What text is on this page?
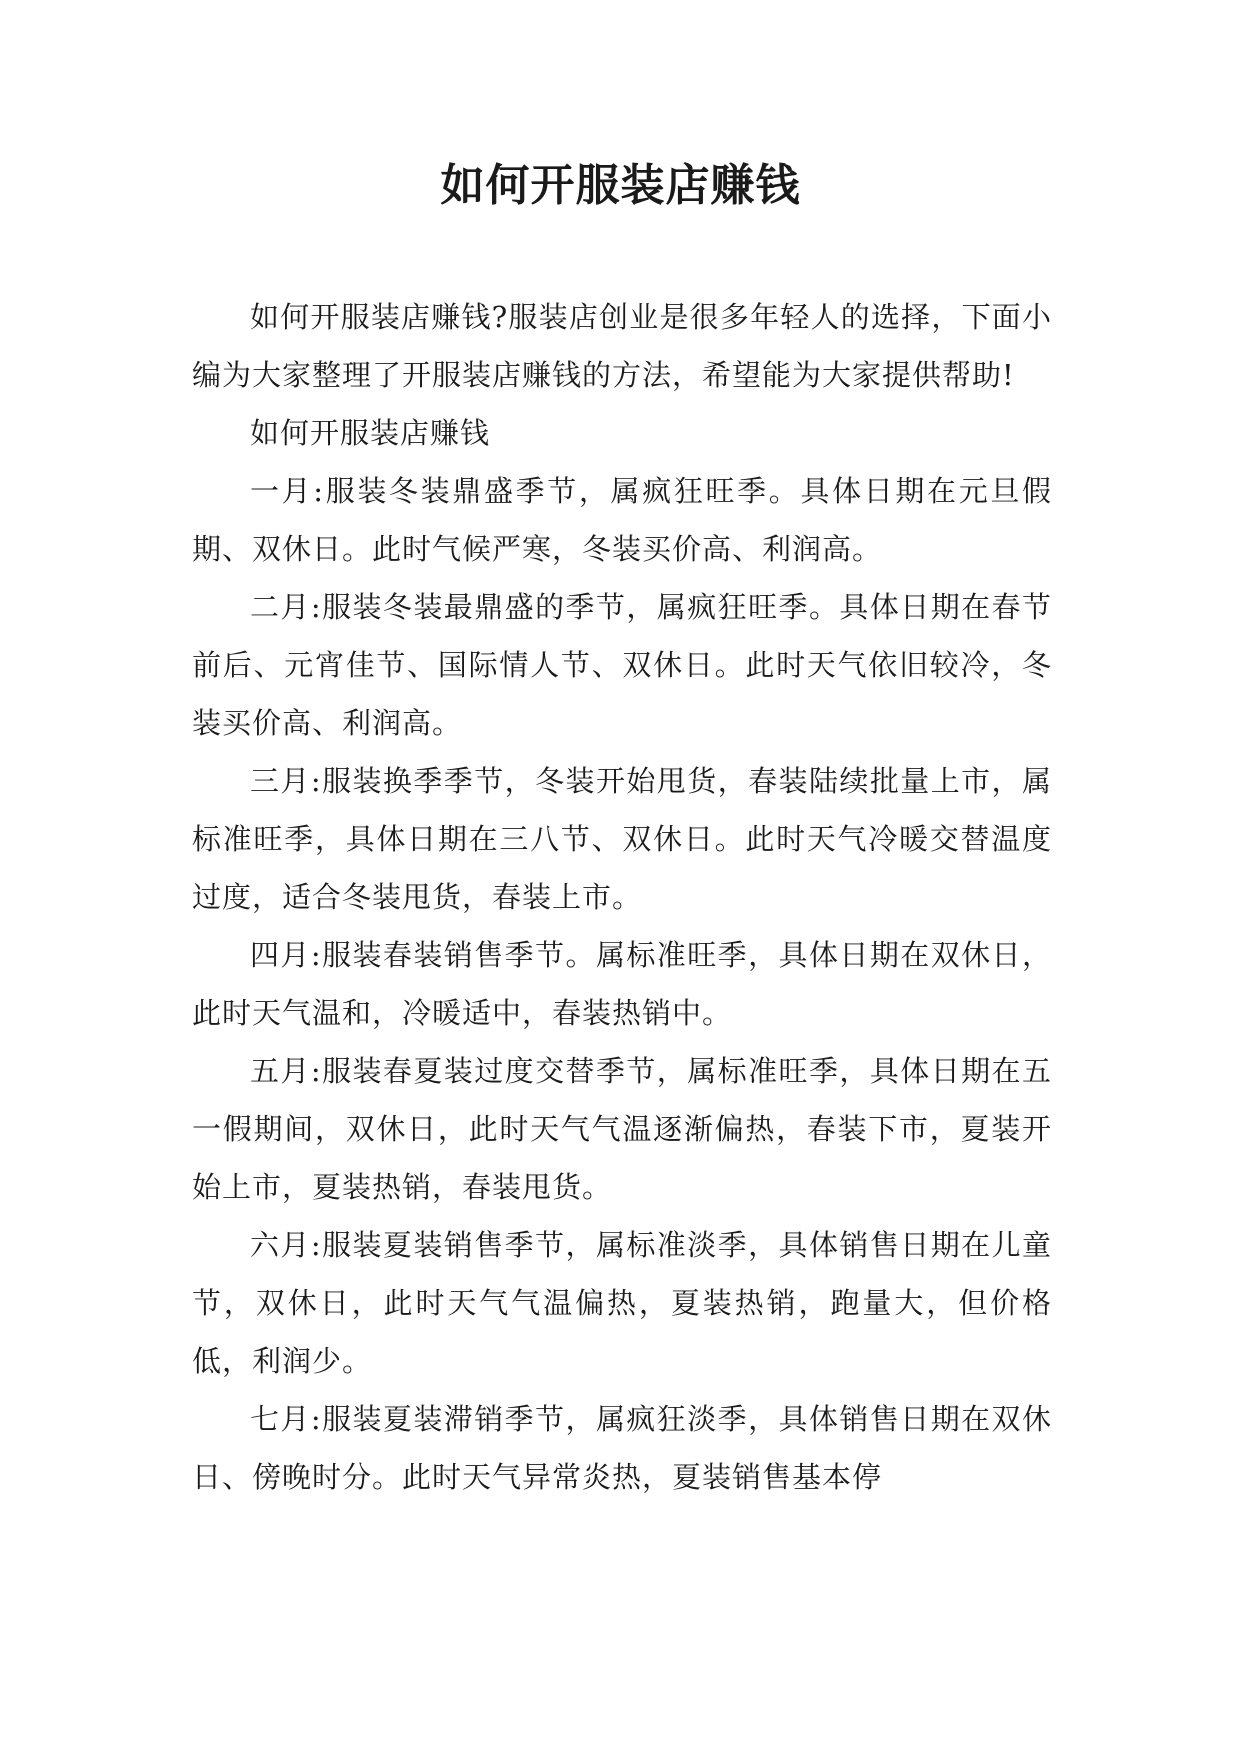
如何开服装店赚钱

如何开服装店赚钱?服装店创业是很多年轻人的选择，下面小编为大家整理了开服装店赚钱的方法，希望能为大家提供帮助!

如何开服装店赚钱

一月:服装冬装鼎盛季节，属疯狂旺季。具体日期在元旦假期、双休日。此时气候严寒，冬装买价高、利润高。

二月:服装冬装最鼎盛的季节，属疯狂旺季。具体日期在春节前后、元宵佳节、国际情人节、双休日。此时天气依旧较冷，冬装买价高、利润高。

三月:服装换季季节，冬装开始甩货，春装陆续批量上市，属标准旺季，具体日期在三八节、双休日。此时天气冷暖交替温度过度，适合冬装甩货，春装上市。

四月:服装春装销售季节。属标准旺季，具体日期在双休日，此时天气温和，冷暖适中，春装热销中。

五月:服装春夏装过度交替季节，属标准旺季，具体日期在五一假期间，双休日，此时天气气温逐渐偏热，春装下市，夏装开始上市，夏装热销，春装甩货。

六月:服装夏装销售季节，属标准淡季，具体销售日期在儿童节，双休日，此时天气气温偏热，夏装热销，跑量大，但价格低，利润少。

七月:服装夏装滞销季节，属疯狂淡季，具体销售日期在双休日、傍晚时分。此时天气异常炎热，夏装销售基本停
